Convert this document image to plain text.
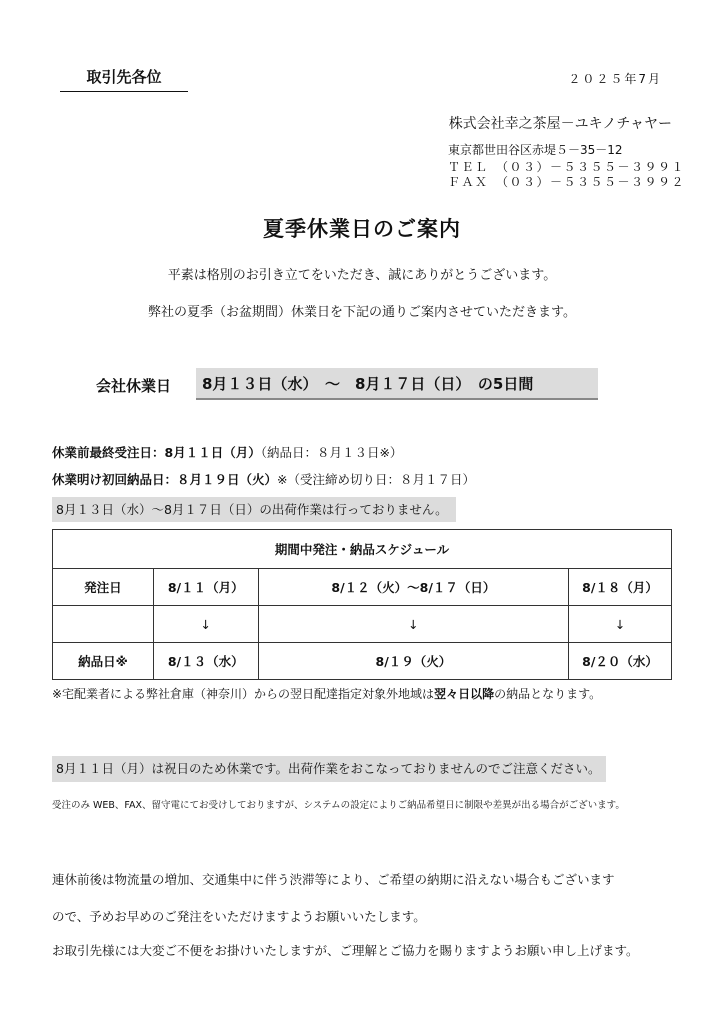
取引先各位	２０２５年7月
株式会社幸之茶屋－ユキノチャヤー
東京都世田谷区赤堤５－35－12
ＴＥＬ　（０３）－５３５５－３９９１
ＦＡＸ　（０３）－５３５５－３９９２
夏季休業日のご案内
平素は格別のお引き立てをいただき、誠にありがとうございます。
弊社の夏季（お盆期間）休業日を下記の通りご案内させていただきます。
会社休業日	8月１３日（水）　～　8月１７日（日）　の5日間
休業前最終受注日：8月１１日（月）（納品日：８月１３日※）
休業明け初回納品日：８月１９日（火）※（受注締め切り日：８月１７日）
8月１３日（水）～8月１７日（日）の出荷作業は行っておりません。
期間中発注・納品スケジュール			
発注日	8/１１（月）	8/１２（火）～8/１７（日）	8/１８（月）
	↓	↓	↓
納品日※	8/１３（水）	8/１９（火）	8/２０（水）
※宅配業者による弊社倉庫（神奈川）からの翌日配達指定対象外地域は翌々日以降の納品となります。
8月１１日（月）は祝日のため休業です。出荷作業をおこなっておりませんのでご注意ください。
受注のみ WEB、FAX、留守電にてお受けしておりますが、システムの設定によりご納品希望日に制限や差異が出る場合がございます。
連休前後は物流量の増加、交通集中に伴う渋滞等により、ご希望の納期に沿えない場合もございます
ので、予めお早めのご発注をいただけますようお願いいたします。
お取引先様には大変ご不便をお掛けいたしますが、ご理解とご協力を賜りますようお願い申し上げます。
